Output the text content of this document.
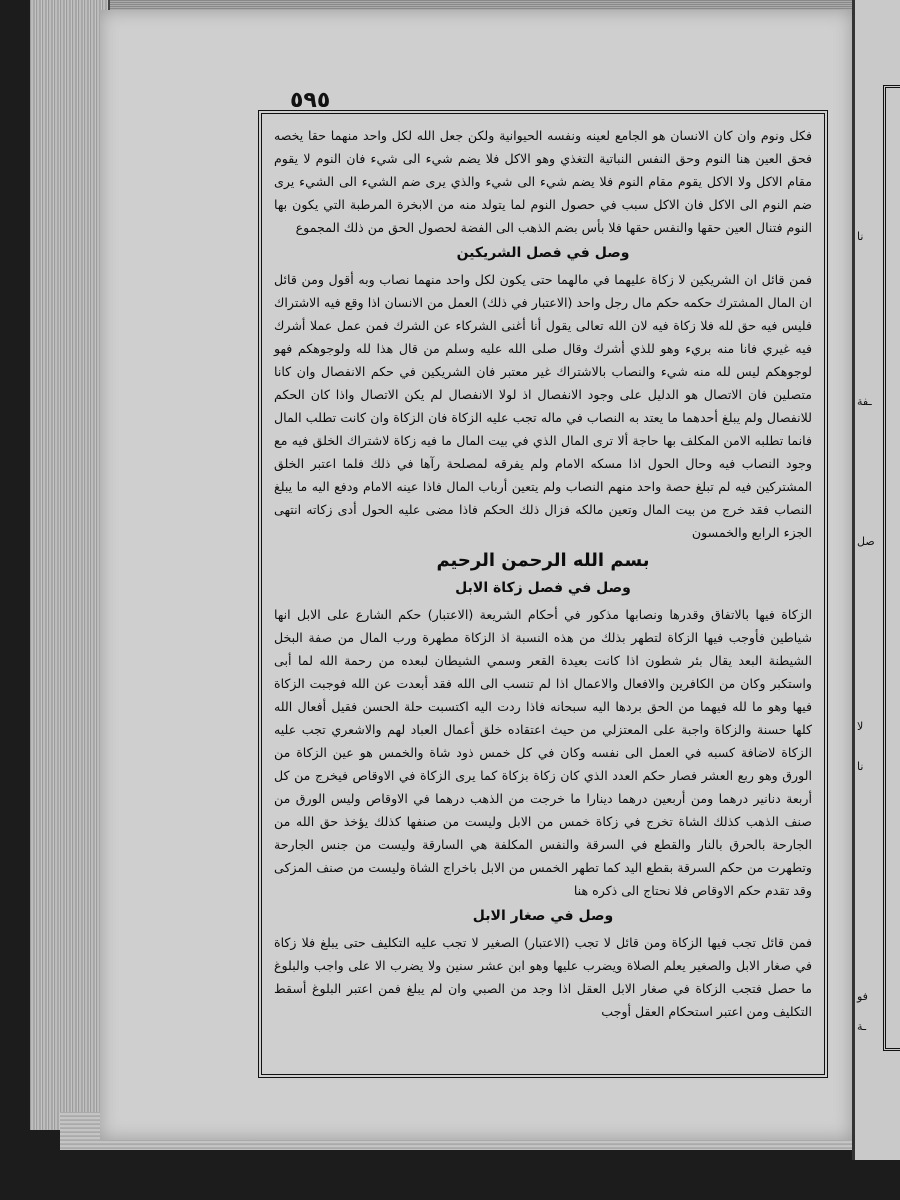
٥٩٥

فكل ونوم وان كان الانسان هو الجامع لعينه ونفسه الحيوانية ولكن جعل الله لكل واحد منهما حقا يخصه فحق العين هنا النوم وحق النفس النباتية التغذي وهو الاكل فلا يضم شيء الى شيء فان النوم لا يقوم مقام الاكل ولا الاكل يقوم مقام النوم فلا يضم شيء الى شيء والذي يرى ضم الشيء الى الشيء يرى ضم النوم الى الاكل فان الاكل سبب في حصول النوم لما يتولد منه من الابخرة المرطبة التي يكون بها النوم فتنال العين حقها والنفس حقها فلا بأس بضم الذهب الى الفضة لحصول الحق من ذلك المجموع

وصل في فصل الشريكين

فمن قائل ان الشريكين لا زكاة عليهما في مالهما حتى يكون لكل واحد منهما نصاب وبه أقول ومن قائل ان المال المشترك حكمه حكم مال رجل واحد (الاعتبار في ذلك) العمل من الانسان اذا وقع فيه الاشتراك فليس فيه حق لله فلا زكاة فيه لان الله تعالى يقول أنا أغنى الشركاء عن الشرك فمن عمل عملا أشرك فيه غيري فانا منه بريء وهو للذي أشرك وقال صلى الله عليه وسلم من قال هذا لله ولوجوهكم فهو لوجوهكم ليس لله منه شيء والنصاب بالاشتراك غير معتبر فان الشريكين في حكم الانفصال وان كانا متصلين فان الاتصال هو الدليل على وجود الانفصال اذ لولا الانفصال لم يكن الاتصال واذا كان الحكم للانفصال ولم يبلغ أحدهما ما يعتد به النصاب في ماله تجب عليه الزكاة فان الزكاة وان كانت تطلب المال فانما تطلبه الامن المكلف بها حاجة ألا ترى المال الذي في بيت المال ما فيه زكاة لاشتراك الخلق فيه مع وجود النصاب فيه وحال الحول اذا مسكه الامام ولم يفرقه لمصلحة رآها في ذلك فلما اعتبر الخلق المشتركين فيه لم تبلغ حصة واحد منهم النصاب ولم يتعين أرباب المال فاذا عينه الامام ودفع اليه ما يبلغ النصاب فقد خرج من بيت المال وتعين مالكه فزال ذلك الحكم فاذا مضى عليه الحول أدى زكاته انتهى الجزء الرابع والخمسون

بسم الله الرحمن الرحيم
وصل في فصل زكاة الابل

الزكاة فيها بالاتفاق وقدرها ونصابها مذكور في أحكام الشريعة (الاعتبار) حكم الشارع على الابل انها شياطين فأوجب فيها الزكاة لتطهر بذلك من هذه النسبة اذ الزكاة مطهرة ورب المال من صفة البخل الشيطنة البعد يقال بئر شطون اذا كانت بعيدة القعر وسمي الشيطان لبعده من رحمة الله لما أبى واستكبر وكان من الكافرين والافعال والاعمال اذا لم تنسب الى الله فقد أبعدت عن الله فوجبت الزكاة فيها وهو ما لله فيهما من الحق بردها اليه سبحانه فاذا ردت اليه اكتسبت حلة الحسن فقيل أفعال الله كلها حسنة والزكاة واجبة على المعتزلي من حيث اعتقاده خلق أعمال العباد لهم والاشعري تجب عليه الزكاة لاضافة كسبه في العمل الى نفسه وكان في كل خمس ذود شاة والخمس هو عين الزكاة من الورق وهو ربع العشر فصار حكم العدد الذي كان زكاة بزكاة كما يرى الزكاة في الاوقاص فيخرج من كل أربعة دنانير درهما ومن أربعين درهما دينارا ما خرجت من الذهب درهما في الاوقاص وليس الورق من صنف الذهب كذلك الشاة تخرج في زكاة خمس من الابل وليست من صنفها كذلك يؤخذ حق الله من الجارحة بالحرق بالنار والقطع في السرقة والنفس المكلفة هي السارقة وليست من جنس الجارحة وتطهرت من حكم السرقة بقطع اليد كما تطهر الخمس من الابل باخراج الشاة وليست من صنف المزكى وقد تقدم حكم الاوقاص فلا نحتاج الى ذكره هنا

وصل في صغار الابل

فمن قائل تجب فيها الزكاة ومن قائل لا تجب (الاعتبار) الصغير لا تجب عليه التكليف حتى يبلغ فلا زكاة في صغار الابل والصغير يعلم الصلاة ويضرب عليها وهو ابن عشر سنين ولا يضرب الا على واجب والبلوغ ما حصل فتجب الزكاة في صغار الابل العقل اذا وجد من الصبي وان لم يبلغ فمن اعتبر البلوغ أسقط التكليف ومن اعتبر استحكام العقل أوجب

نا
ـفة
صل
لا
نا
فو
ـة
